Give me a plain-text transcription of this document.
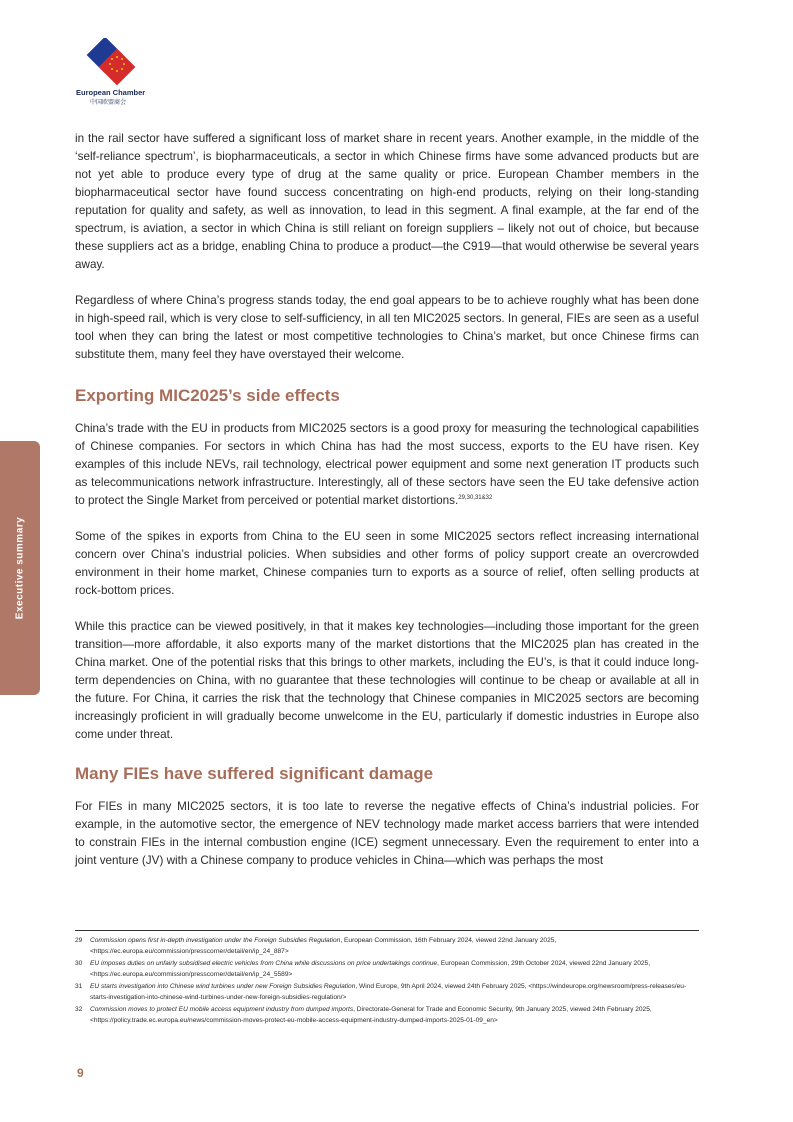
European Chamber
中国欧盟商会
Executive summary

in the rail sector have suffered a significant loss of market share in recent years. Another example, in the middle of the ‘self-reliance spectrum’, is biopharmaceuticals, a sector in which Chinese firms have some advanced products but are not yet able to produce every type of drug at the same quality or price. European Chamber members in the biopharmaceutical sector have found success concentrating on high-end products, relying on their long-standing reputation for quality and safety, as well as innovation, to lead in this segment. A final example, at the far end of the spectrum, is aviation, a sector in which China is still reliant on foreign suppliers – likely not out of choice, but because these suppliers act as a bridge, enabling China to produce a product—the C919—that would otherwise be several years away.

Regardless of where China’s progress stands today, the end goal appears to be to achieve roughly what has been done in high-speed rail, which is very close to self-sufficiency, in all ten MIC2025 sectors. In general, FIEs are seen as a useful tool when they can bring the latest or most competitive technologies to China’s market, but once Chinese firms can substitute them, many feel they have overstayed their welcome.

Exporting MIC2025’s side effects

China’s trade with the EU in products from MIC2025 sectors is a good proxy for measuring the technological capabilities of Chinese companies. For sectors in which China has had the most success, exports to the EU have risen. Key examples of this include NEVs, rail technology, electrical power equipment and some next generation IT products such as telecommunications network infrastructure. Interestingly, all of these sectors have seen the EU take defensive action to protect the Single Market from perceived or potential market distortions.$^{29,30,31\&32}$

Some of the spikes in exports from China to the EU seen in some MIC2025 sectors reflect increasing international concern over China’s industrial policies. When subsidies and other forms of policy support create an overcrowded environment in their home market, Chinese companies turn to exports as a source of relief, often selling products at rock-bottom prices.

While this practice can be viewed positively, in that it makes key technologies—including those important for the green transition—more affordable, it also exports many of the market distortions that the MIC2025 plan has created in the China market. One of the potential risks that this brings to other markets, including the EU’s, is that it could induce long-term dependencies on China, with no guarantee that these technologies will continue to be cheap or available at all in the future. For China, it carries the risk that the technology that Chinese companies in MIC2025 sectors are becoming increasingly proficient in will gradually become unwelcome in the EU, particularly if domestic industries in Europe also come under threat.

Many FIEs have suffered significant damage

For FIEs in many MIC2025 sectors, it is too late to reverse the negative effects of China’s industrial policies. For example, in the automotive sector, the emergence of NEV technology made market access barriers that were intended to constrain FIEs in the internal combustion engine (ICE) segment unnecessary. Even the requirement to enter into a joint venture (JV) with a Chinese company to produce vehicles in China—which was perhaps the most

29	Commission opens first in-depth investigation under the Foreign Subsidies Regulation, European Commission, 16th February 2024, viewed 22nd January 2025, <https://ec.europa.eu/commission/presscorner/detail/en/ip_24_887>
30	EU imposes duties on unfairly subsidised electric vehicles from China while discussions on price undertakings continue, European Commission, 29th October 2024, viewed 22nd January 2025, <https://ec.europa.eu/commission/presscorner/detail/en/ip_24_5589>
31	EU starts investigation into Chinese wind turbines under new Foreign Subsidies Regulation, Wind Europe, 9th April 2024, viewed 24th February 2025, <https://windeurope.org/newsroom/press-releases/eu-starts-investigation-into-chinese-wind-turbines-under-new-foreign-subsidies-regulation/>
32	Commission moves to protect EU mobile access equipment industry from dumped imports, Directorate-General for Trade and Economic Security, 9th January 2025, viewed 24th February 2025, <https://policy.trade.ec.europa.eu/news/commission-moves-protect-eu-mobile-access-equipment-industry-dumped-imports-2025-01-09_en>
9
